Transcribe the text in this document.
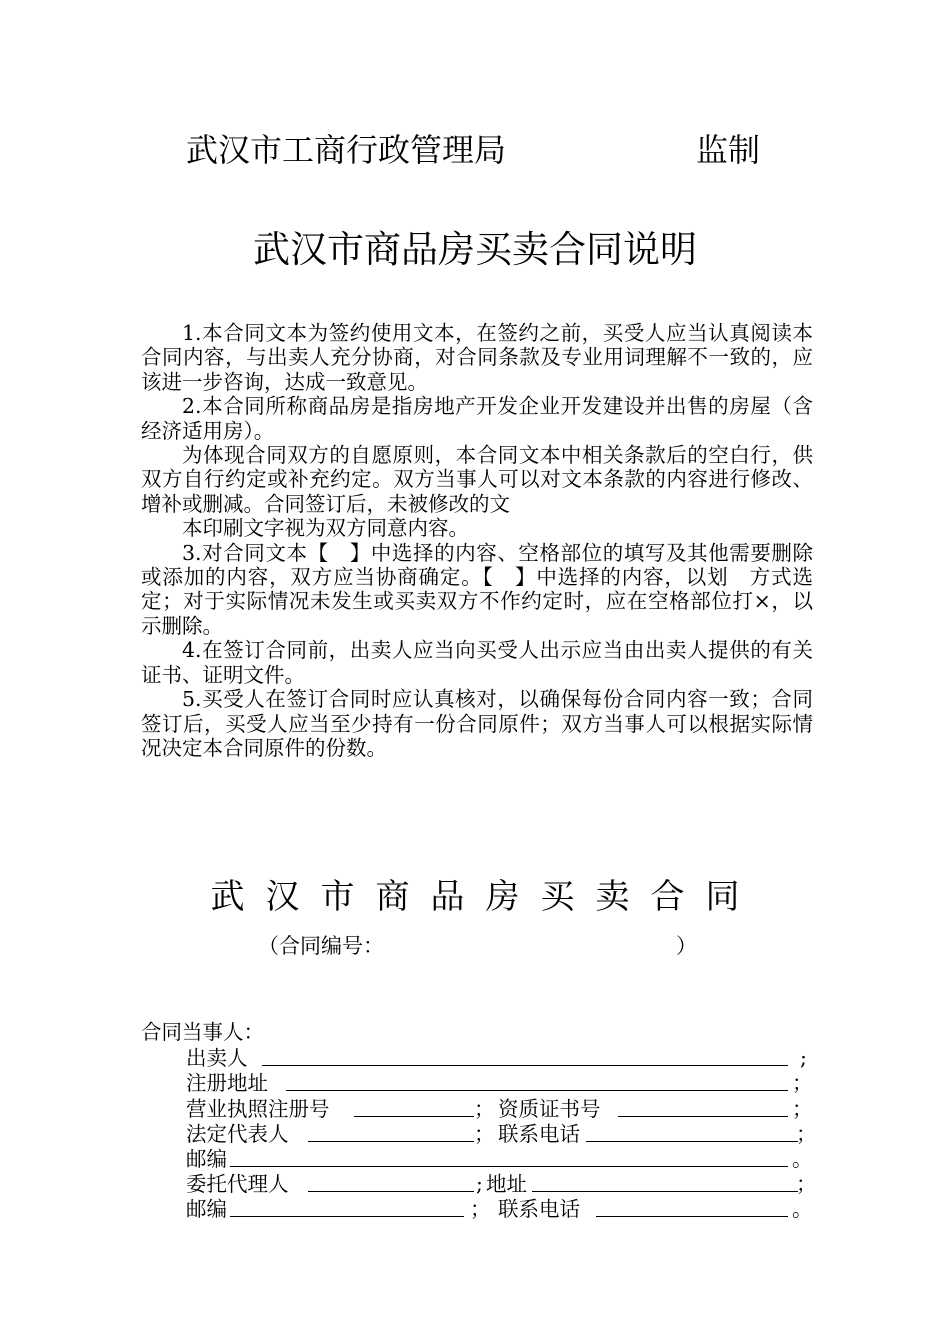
武汉市工商行政管理局	监制
武汉市商品房买卖合同说明

1.本合同文本为签约使用文本，在签约之前，买受人应当认真阅读本合同内容，与出卖人充分协商，对合同条款及专业用词理解不一致的，应该进一步咨询，达成一致意见。

2.本合同所称商品房是指房地产开发企业开发建设并出售的房屋（含经济适用房）。

为体现合同双方的自愿原则，本合同文本中相关条款后的空白行，供双方自行约定或补充约定。双方当事人可以对文本条款的内容进行修改、增补或删减。合同签订后，未被修改的文

本印刷文字视为双方同意内容。

3.对合同文本【　】中选择的内容、空格部位的填写及其他需要删除或添加的内容，双方应当协商确定。【　】中选择的内容，以划　方式选定；对于实际情况未发生或买卖双方不作约定时，应在空格部位打×，以示删除。

4.在签订合同前，出卖人应当向买受人出示应当由出卖人提供的有关证书、证明文件。

5.买受人在签订合同时应认真核对，以确保每份合同内容一致；合同签订后，买受人应当至少持有一份合同原件；双方当事人可以根据实际情况决定本合同原件的份数。

武汉市商品房买卖合同
（合同编号：	）
合同当事人：
出卖人	;
注册地址	；
营业执照注册号	； 资质证书号	；
法定代表人	； 联系电话	；
邮编	。
委托代理人	; 地址	；
邮编	； 联系电话	。
